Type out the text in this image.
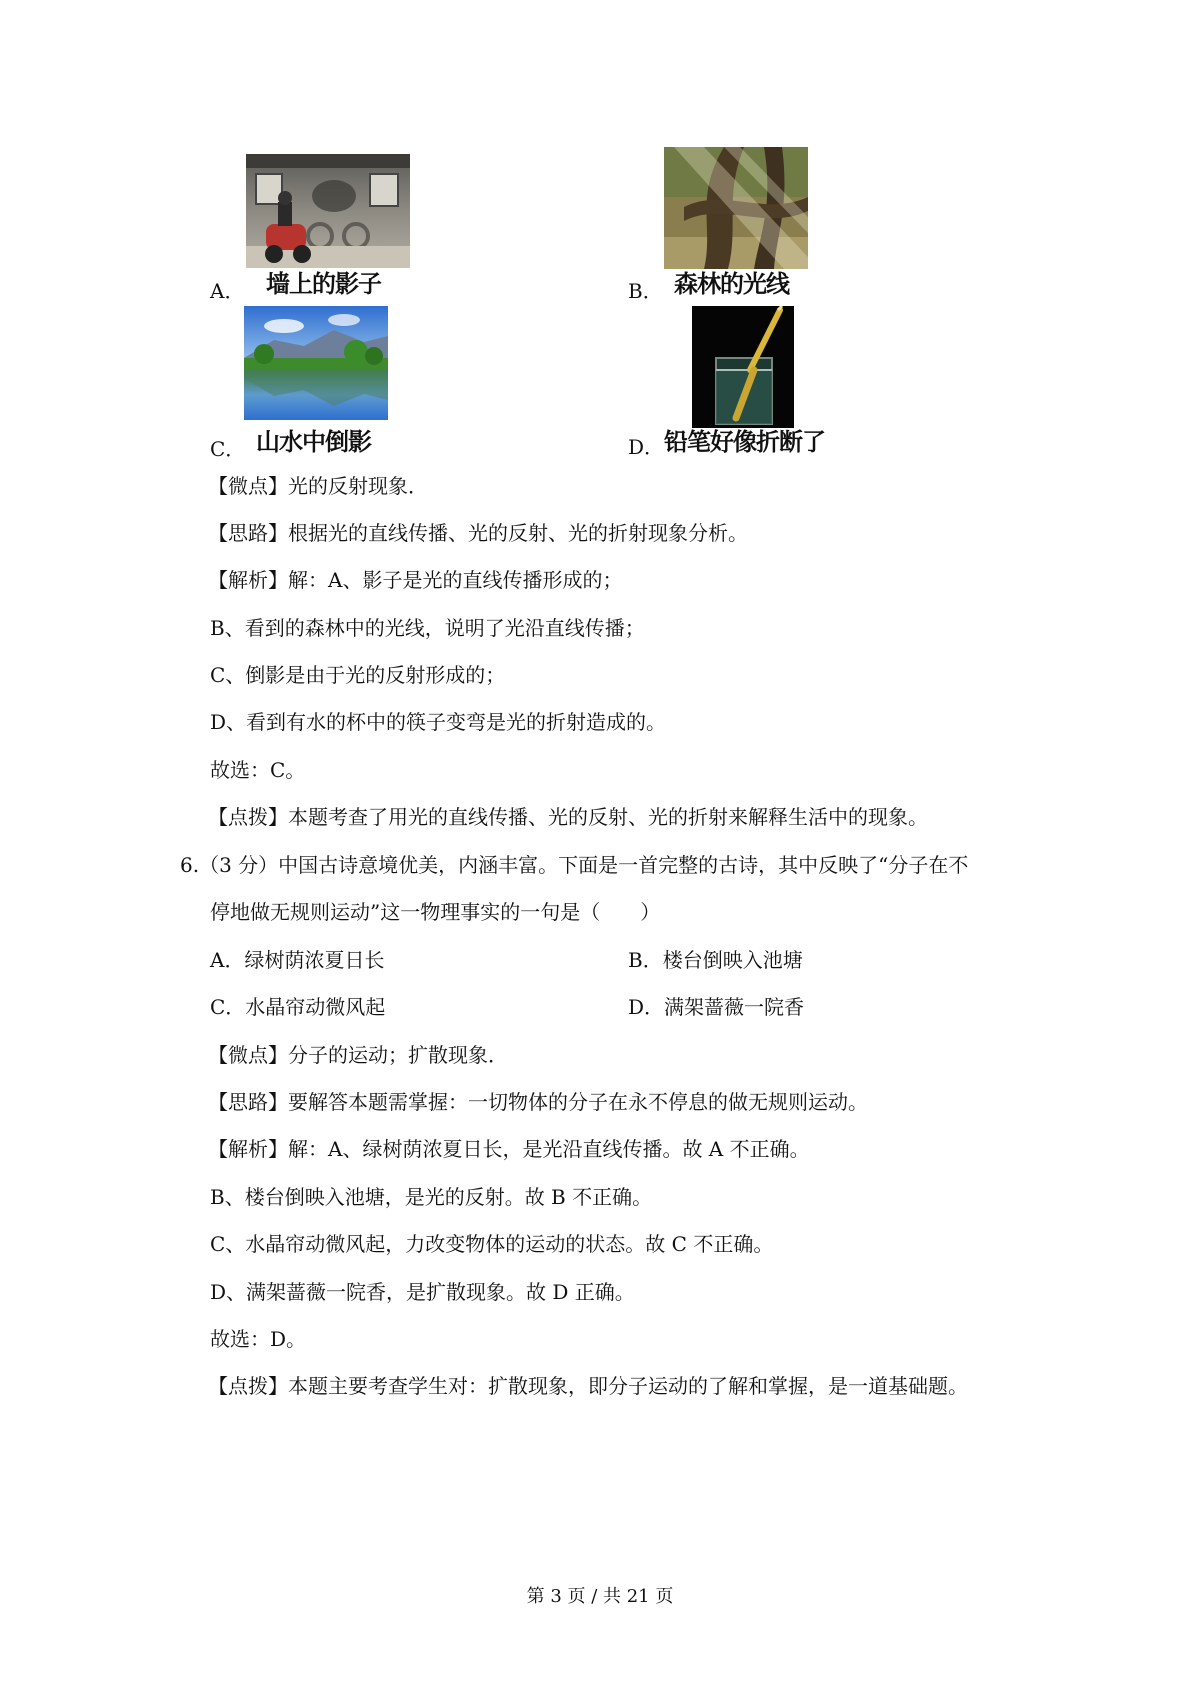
A． 墙上的影子	B． 森林的光线
C． 山水中倒影	D． 铅笔好像折断了
【微点】光的反射现象．
【思路】根据光的直线传播、光的反射、光的折射现象分析。
【解析】解：A、影子是光的直线传播形成的；
B、看到的森林中的光线，说明了光沿直线传播；
C、倒影是由于光的反射形成的；
D、看到有水的杯中的筷子变弯是光的折射造成的。
故选：C。
【点拨】本题考查了用光的直线传播、光的反射、光的折射来解释生活中的现象。
6.（3 分）中国古诗意境优美，内涵丰富。下面是一首完整的古诗，其中反映了“分子在不
停地做无规则运动”这一物理事实的一句是（　　）
A．绿树荫浓夏日长	B．楼台倒映入池塘
C．水晶帘动微风起	D．满架蔷薇一院香
【微点】分子的运动；扩散现象．
【思路】要解答本题需掌握：一切物体的分子在永不停息的做无规则运动。
【解析】解：A、绿树荫浓夏日长，是光沿直线传播。故 A 不正确。
B、楼台倒映入池塘，是光的反射。故 B 不正确。
C、水晶帘动微风起，力改变物体的运动的状态。故 C 不正确。
D、满架蔷薇一院香，是扩散现象。故 D 正确。
故选：D。
【点拨】本题主要考查学生对：扩散现象，即分子运动的了解和掌握，是一道基础题。
第 3 页 / 共 21 页
